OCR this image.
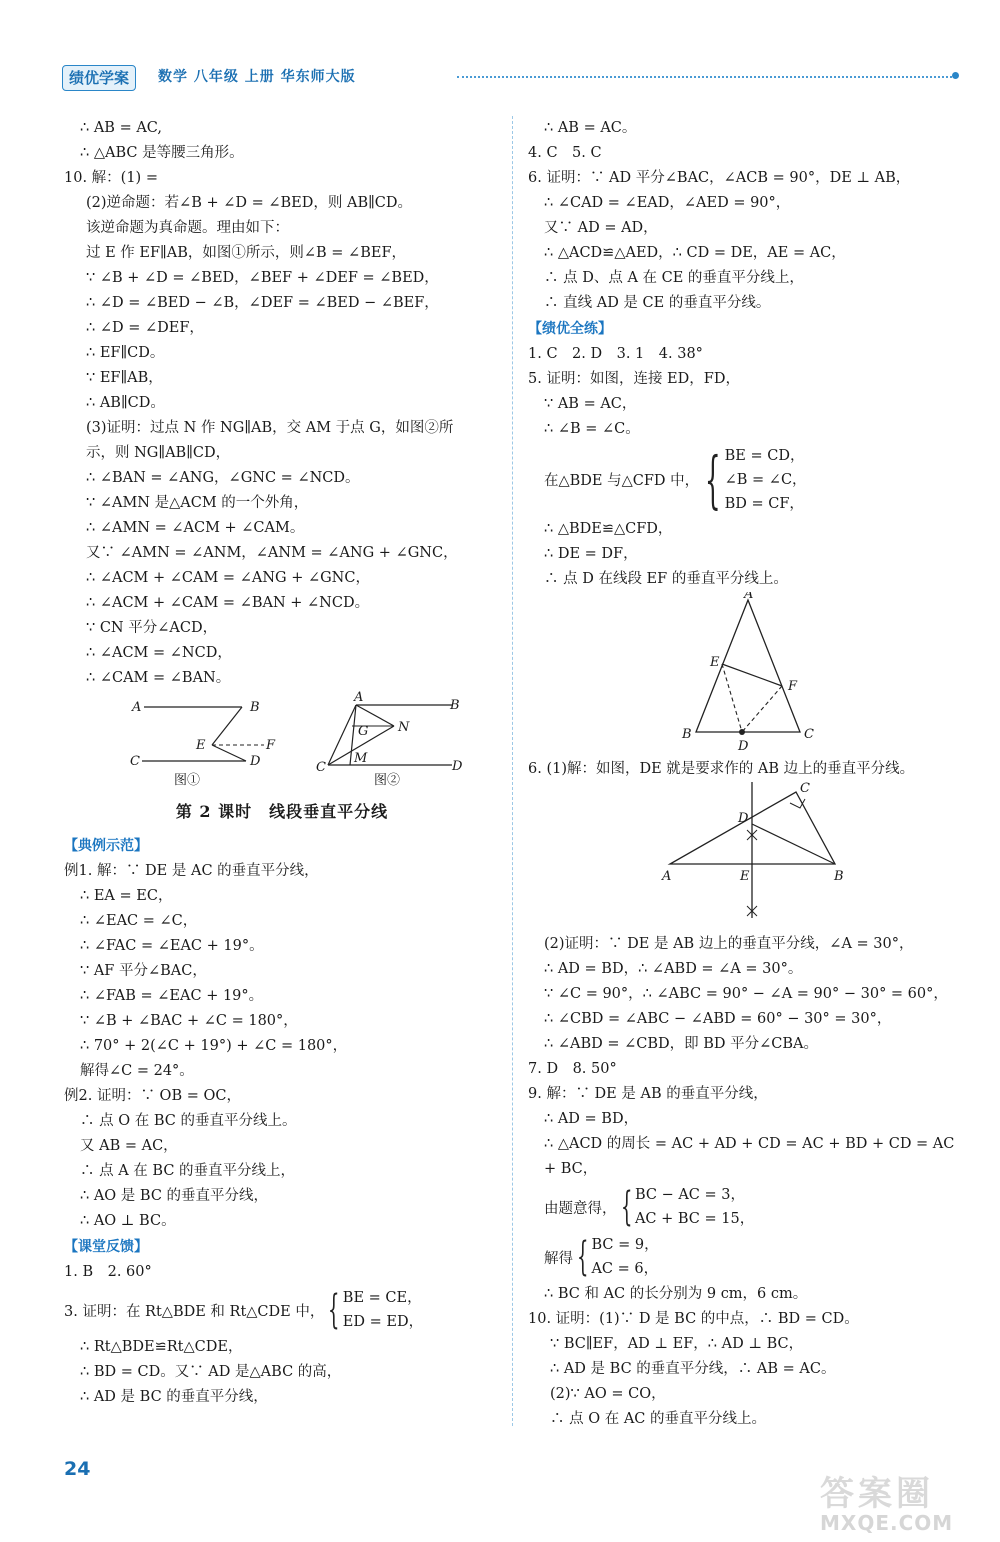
绩优学案	数学 八年级 上册 华东师大版
∴ AB = AC,
∴ △ABC 是等腰三角形。
10. 解：(1) =
(2)逆命题：若∠B + ∠D = ∠BED，则 AB∥CD。
该逆命题为真命题。理由如下：
过 E 作 EF∥AB，如图①所示，则∠B = ∠BEF，
∵ ∠B + ∠D = ∠BED，∠BEF + ∠DEF = ∠BED，
∴ ∠D = ∠BED − ∠B，∠DEF = ∠BED − ∠BEF，
∴ ∠D = ∠DEF，
∴ EF∥CD。
∵ EF∥AB，
∴ AB∥CD。
(3)证明：过点 N 作 NG∥AB，交 AM 于点 G，如图②所
示，则 NG∥AB∥CD，
∴ ∠BAN = ∠ANG，∠GNC = ∠NCD。
∵ ∠AMN 是△ACM 的一个外角，
∴ ∠AMN = ∠ACM + ∠CAM。
又∵ ∠AMN = ∠ANM，∠ANM = ∠ANG + ∠GNC，
∴ ∠ACM + ∠CAM = ∠ANG + ∠GNC，
∴ ∠ACM + ∠CAM = ∠BAN + ∠NCD。
∵ CN 平分∠ACD，
∴ ∠ACM = ∠NCD，
∴ ∠CAM = ∠BAN。
A	B
E	F
C	D
A
B
G N
C
M
D
图①	图②
第 2 课时　线段垂直平分线
【典例示范】
例1. 解：∵ DE 是 AC 的垂直平分线，
∴ EA = EC，
∴ ∠EAC = ∠C，
∴ ∠FAC = ∠EAC + 19°。
∵ AF 平分∠BAC，
∴ ∠FAB = ∠EAC + 19°。
∵ ∠B + ∠BAC + ∠C = 180°，
∴ 70° + 2(∠C + 19°) + ∠C = 180°，
解得∠C = 24°。
例2. 证明：∵ OB = OC，
∴ 点 O 在 BC 的垂直平分线上。
又 AB = AC，
∴ 点 A 在 BC 的垂直平分线上，
∴ AO 是 BC 的垂直平分线，
∴ AO ⊥ BC。
【课堂反馈】
1. B　2. 60°
3. 证明：在 Rt△BDE 和 Rt△CDE 中， { BE = CE，
ED = ED，
∴ Rt△BDE≌Rt△CDE，
∴ BD = CD。又∵ AD 是△ABC 的高，
∴ AD 是 BC 的垂直平分线，
∴ AB = AC。
4. C　5. C
6. 证明：∵ AD 平分∠BAC，∠ACB = 90°，DE ⊥ AB，
∴ ∠CAD = ∠EAD，∠AED = 90°，
又∵ AD = AD，
∴ △ACD≌△AED，∴ CD = DE，AE = AC，
∴ 点 D、点 A 在 CE 的垂直平分线上，
∴ 直线 AD 是 CE 的垂直平分线。
【绩优全练】
1. C　2. D　3. 1　4. 38°
5. 证明：如图，连接 ED，FD，
∵ AB = AC，
∴ ∠B = ∠C。
在△BDE 与△CFD 中， { BE = CD，
∠B = ∠C，
BD = CF，
∴ △BDE≌△CFD，
∴ DE = DF，
∴ 点 D 在线段 EF 的垂直平分线上。
A
E
F
B
D
C
6. (1)解：如图，DE 就是要求作的 AB 边上的垂直平分线。
C
D
A	E	B
(2)证明：∵ DE 是 AB 边上的垂直平分线，∠A = 30°，
∴ AD = BD，∴ ∠ABD = ∠A = 30°。
∵ ∠C = 90°，∴ ∠ABC = 90° − ∠A = 90° − 30° = 60°，
∴ ∠CBD = ∠ABC − ∠ABD = 60° − 30° = 30°，
∴ ∠ABD = ∠CBD，即 BD 平分∠CBA。
7. D　8. 50°
9. 解：∵ DE 是 AB 的垂直平分线，
∴ AD = BD，
∴ △ACD 的周长 = AC + AD + CD = AC + BD + CD = AC
+ BC，
由题意得， { BC − AC = 3，
AC + BC = 15，
解得 { BC = 9，
AC = 6，
∴ BC 和 AC 的长分别为 9 cm，6 cm。
10. 证明：(1)∵ D 是 BC 的中点，∴ BD = CD。
∵ BC∥EF，AD ⊥ EF，∴ AD ⊥ BC，
∴ AD 是 BC 的垂直平分线，∴ AB = AC。
(2)∵ AO = CO，
∴ 点 O 在 AC 的垂直平分线上。
24
答案圈
MXQE.COM
